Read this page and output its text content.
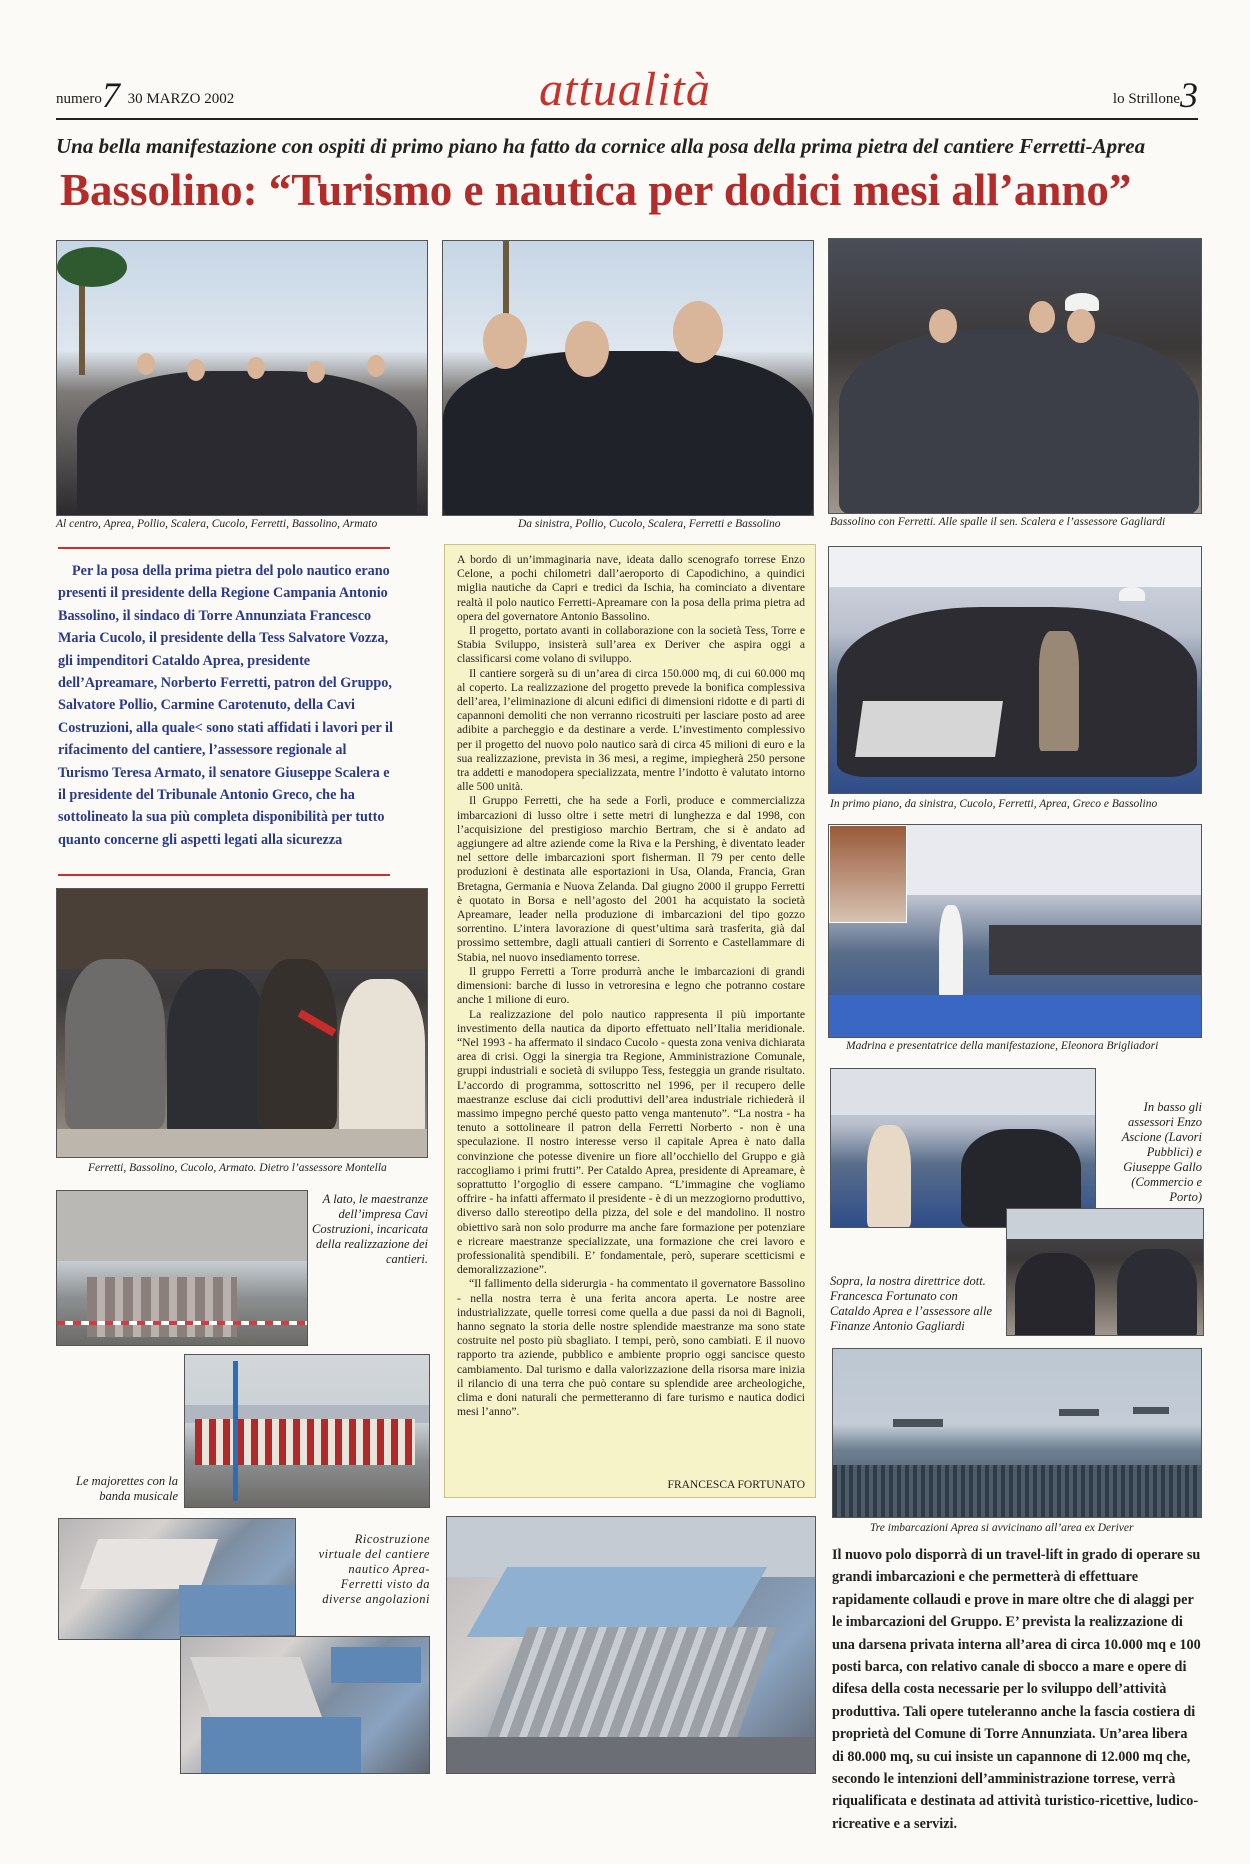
numero7 30 MARZO 2002	attualità	lo Strillone3
Una bella manifestazione con ospiti di primo piano ha fatto da cornice alla posa della prima pietra del cantiere Ferretti-Aprea
Bassolino: “Turismo e nautica per dodici mesi all’anno”
Al centro, Aprea, Pollio, Scalera, Cucolo, Ferretti, Bassolino, Armato	Da sinistra, Pollio, Cucolo, Scalera, Ferretti e Bassolino	Bassolino con Ferretti. Alle spalle il sen. Scalera e l’assessore Gagliardi
Per la posa della prima pietra del polo nautico erano presenti il presidente della Regione Campania Antonio Bassolino, il sindaco di Torre Annunziata Francesco Maria Cucolo, il presidente della Tess Salvatore Vozza, gli impenditori Cataldo Aprea, presidente dell’Apreamare, Norberto Ferretti, patron del Gruppo, Salvatore Pollio, Carmine Carotenuto, della Cavi Costruzioni, alla quale< sono stati affidati i lavori per il rifacimento del cantiere, l’assessore regionale al Turismo Teresa Armato, il senatore Giuseppe Scalera e il presidente del Tribunale Antonio Greco, che ha sottolineato la sua più completa disponibilità per tutto quanto concerne gli aspetti legati alla sicurezza
Ferretti, Bassolino, Cucolo, Armato. Dietro l’assessore Montella
A lato, le maestranze dell’impresa Cavi Costruzioni, incaricata della realizzazione dei cantieri.
Le majorettes con la banda musicale

A bordo di un’immaginaria nave, ideata dallo scenografo torrese Enzo Celone, a pochi chilometri dall’aeroporto di Capodichino, a quindici miglia nautiche da Capri e tredici da Ischia, ha cominciato a diventare realtà il polo nautico Ferretti-Apreamare con la posa della prima pietra ad opera del governatore Antonio Bassolino.

Il progetto, portato avanti in collaborazione con la società Tess, Torre e Stabia Sviluppo, insisterà sull’area ex Deriver che aspira oggi a classificarsi come volano di sviluppo.

Il cantiere sorgerà su di un’area di circa 150.000 mq, di cui 60.000 mq al coperto. La realizzazione del progetto prevede la bonifica complessiva dell’area, l’eliminazione di alcuni edifici di dimensioni ridotte e di parti di capannoni demoliti che non verranno ricostruiti per lasciare posto ad aree adibite a parcheggio e da destinare a verde. L’investimento complessivo per il progetto del nuovo polo nautico sarà di circa 45 milioni di euro e la sua realizzazione, prevista in 36 mesi, a regime, impiegherà 250 persone tra addetti e manodopera specializzata, mentre l’indotto è valutato intorno alle 500 unità.

Il Gruppo Ferretti, che ha sede a Forlì, produce e commercializza imbarcazioni di lusso oltre i sette metri di lunghezza e dal 1998, con l’acquisizione del prestigioso marchio Bertram, che si è andato ad aggiungere ad altre aziende come la Riva e la Pershing, è diventato leader nel settore delle imbarcazioni sport fisherman. Il 79 per cento delle produzioni è destinata alle esportazioni in Usa, Olanda, Francia, Gran Bretagna, Germania e Nuova Zelanda. Dal giugno 2000 il gruppo Ferretti è quotato in Borsa e nell’agosto del 2001 ha acquistato la società Apreamare, leader nella produzione di imbarcazioni del tipo gozzo sorrentino. L’intera lavorazione di quest’ultima sarà trasferita, già dal prossimo settembre, dagli attuali cantieri di Sorrento e Castellammare di Stabia, nel nuovo insediamento torrese.

Il gruppo Ferretti a Torre produrrà anche le imbarcazioni di grandi dimensioni: barche di lusso in vetroresina e legno che potranno costare anche 1 milione di euro.

La realizzazione del polo nautico rappresenta il più importante investimento della nautica da diporto effettuato nell’Italia meridionale. “Nel 1993 - ha affermato il sindaco Cucolo - questa zona veniva dichiarata area di crisi. Oggi la sinergia tra Regione, Amministrazione Comunale, gruppi industriali e società di sviluppo Tess, festeggia un grande risultato. L’accordo di programma, sottoscritto nel 1996, per il recupero delle maestranze escluse dai cicli produttivi dell’area industriale richiederà il massimo impegno perché questo patto venga mantenuto”. “La nostra - ha tenuto a sottolineare il patron della Ferretti Norberto - non è una speculazione. Il nostro interesse verso il capitale Aprea è nato dalla convinzione che potesse divenire un fiore all’occhiello del Gruppo e già raccogliamo i primi frutti”. Per Cataldo Aprea, presidente di Apreamare, è soprattutto l’orgoglio di essere campano. “L’immagine che vogliamo offrire - ha infatti affermato il presidente - è di un mezzogiorno produttivo, diverso dallo stereotipo della pizza, del sole e del mandolino. Il nostro obiettivo sarà non solo produrre ma anche fare formazione per potenziare e ricreare maestranze specializzate, una formazione che crei lavoro e professionalità spendibili. E’ fondamentale, però, superare scetticismi e demoralizzazione”.

“Il fallimento della siderurgia - ha commentato il governatore Bassolino - nella nostra terra è una ferita ancora aperta. Le nostre aree industrializzate, quelle torresi come quella a due passi da noi di Bagnoli, hanno segnato la storia delle nostre splendide maestranze ma sono state costruite nel posto più sbagliato. I tempi, però, sono cambiati. E il nuovo rapporto tra aziende, pubblico e ambiente proprio oggi sancisce questo cambiamento. Dal turismo e dalla valorizzazione della risorsa mare inizia il rilancio di una terra che può contare su splendide aree archeologiche, clima e doni naturali che permetteranno di fare turismo e nautica dodici mesi l’anno”.

FRANCESCA FORTUNATO
In primo piano, da sinistra, Cucolo, Ferretti, Aprea, Greco e Bassolino
Madrina e presentatrice della manifestazione, Eleonora Brigliadori
In basso gli assessori Enzo Ascione (Lavori Pubblici) e Giuseppe Gallo (Commercio e Porto)
Sopra, la nostra direttrice dott. Francesca Fortunato con Cataldo Aprea e l’assessore alle Finanze Antonio Gagliardi
Tre imbarcazioni Aprea si avvicinano all’area ex Deriver
Il nuovo polo disporrà di un travel-lift in grado di operare su grandi imbarcazioni e che permetterà di effettuare rapidamente collaudi e prove in mare oltre che di alaggi per le imbarcazioni del Gruppo. E’ prevista la realizzazione di una darsena privata interna all’area di circa 10.000 mq e 100 posti barca, con relativo canale di sbocco a mare e opere di difesa della costa necessarie per lo sviluppo dell’attività produttiva. Tali opere tuteleranno anche la fascia costiera di proprietà del Comune di Torre Annunziata. Un’area libera di 80.000 mq, su cui insiste un capannone di 12.000 mq che, secondo le intenzioni dell’amministrazione torrese, verrà riqualificata e destinata ad attività turistico-ricettive, ludico-ricreative e a servizi.
Ricostruzione virtuale del cantiere nautico Aprea-Ferretti visto da diverse angolazioni
